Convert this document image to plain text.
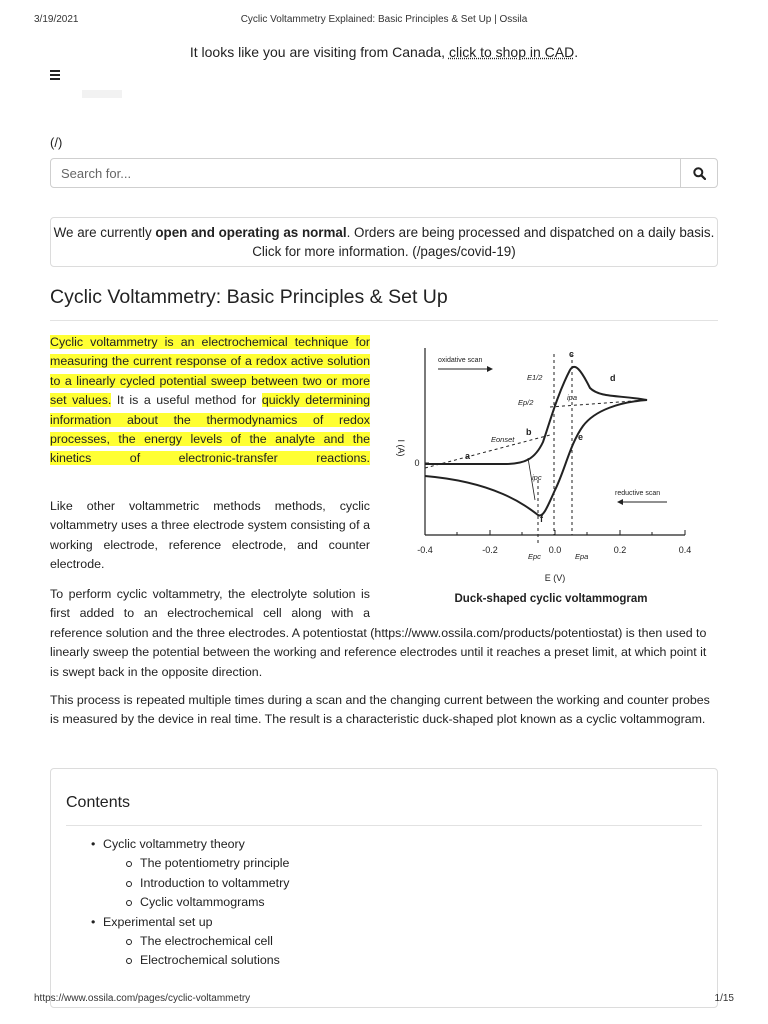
3/19/2021	Cyclic Voltammetry Explained: Basic Principles & Set Up | Ossila
It looks like you are visiting from Canada, click to shop in CAD.
(/)
Search for...
We are currently open and operating as normal. Orders are being processed and dispatched on a daily basis.
Click for more information. (/pages/covid-19)
Cyclic Voltammetry: Basic Principles & Set Up
Cyclic voltammetry is an electrochemical technique for measuring the current response of a redox active solution to a linearly cycled potential sweep between two or more set values. It is a useful method for quickly determining information about the thermodynamics of redox processes, the energy levels of the analyte and the kinetics of electronic-transfer reactions.
Like other voltammetric methods methods, cyclic voltammetry uses a three electrode system consisting of a working electrode, reference electrode, and counter electrode.
To perform cyclic voltammetry, the electrolyte solution is first added to an electrochemical cell along with a
reference solution and the three electrodes. A potentiostat (https://www.ossila.com/products/potentiostat) is then used to linearly sweep the potential between the working and reference electrodes until it reaches a preset limit, at which point it is swept back in the opposite direction.
This process is repeated multiple times during a scan and the changing current between the working and counter probes is measured by the device in real time. The result is a characteristic duck-shaped plot known as a cyclic voltammogram.
-0.4	-0.2	0.0	0.2	0.4
E (V)
0
I (A)
oxidative scan
reductive scan
a
b
c
d
e
f
E1/2
Ep/2
Eonset
ipa
ipc
Epc	Epa
Duck-shaped cyclic voltammogram
Contents
• Cyclic voltammetry theory
The potentiometry principle
Introduction to voltammetry
Cyclic voltammograms
• Experimental set up
The electrochemical cell
Electrochemical solutions
https://www.ossila.com/pages/cyclic-voltammetry	1/15
